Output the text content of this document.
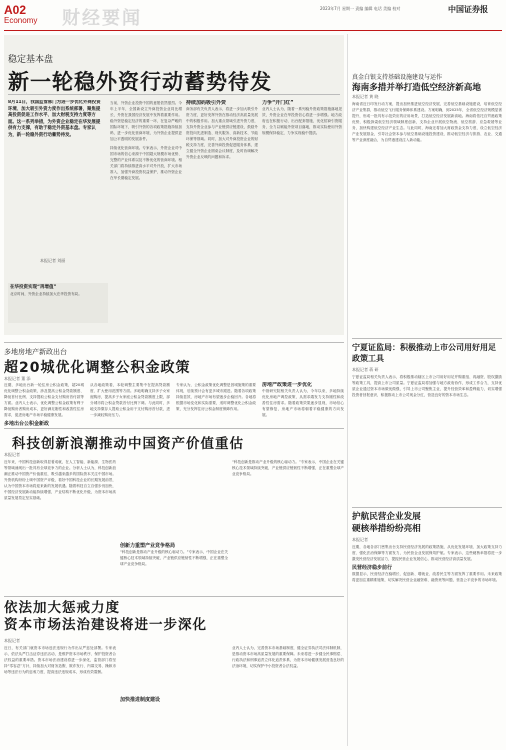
A02
Economy 财经要闻	2023年7月 星期一 责编 编辑 电话 美编 校对	中国证券报
稳定基本盘
新一轮稳外资行动蓄势待发
8月11日，我国监管部门为进一步优化外商投资环境、加大吸引外资力度作出系统部署，聚焦提高投资促进工作水平、加大财税支持力度等方面。这一系列举措，为外资企业稳定在华发展提供有力支撑，有助于稳定外资基本盘。专家认为，新一轮稳外资行动蓄势待发。
本报记者 刘丽
在华投资实现“再增值”
北京时间，外资企业持续加大在华投资布局。
当前，外资企业投资中国的意愿依然强烈。今年上半年，全国新设立外商投资企业同比增长，外资在我国经济发展中发挥着重要作用。稳外资是稳定经济的重要一环，在复杂严峻的国际环境下，吸引外资的各项政策措施持续加码，进一步优化营商环境，为外资企业提供更加公平透明的发展条件。
持续优化营商环境。专家表示，外资企业对中国市场的信心来源于中国超大规模市场优势、完整的产业体系以及不断优化的营商环境。相关部门将持续推进高水平对外开放，扩大市场准入，加强外商投资权益保护，推动外资企业在华长期稳定发展。
持续加码吸引外资
商务部有关负责人表示，将进一步加大吸引外资力度，更好发挥外资在推动经济高质量发展中的积极作用。加大重点领域引进外资力度，支持外资企业参与产业链供应链建设，鼓励外资投向先进制造、现代服务、高新技术、节能环保等领域。同时，加大对外商投资企业的财税支持力度，完善外商投资促进服务体系，建立健全外资企业圆桌会议制度，及时协调解决外资企业反映的问题和诉求。
力争“开门红”
业内人士认为，随着一系列稳外资政策措施落地见效，外资企业在华投资信心将进一步增强。地方政府也在积极行动，出台配套措施，优化招商引资服务，全力以赋能外资项目落地，推动实际使用外资规模保持稳定，力争实现稳中提质。
真金白银支持基础设施建设与运作
海南多措并举打造低空经济新高地
本报记者 黄 晓
海南省近日印发行动方案，提出加快推进低空经济发展，完善低空基础设施建设，培育低空经济产业集群，推动低空飞行服务保障体系建设。方案明确，到2025年，全省低空经济规模显著提升，形成一批具有示范效应的应用场景，打造低空经济发展新高地。海南将依托自贸港政策优势，积极探索低空经济领域制度创新，支持企业开展低空物流、低空旅游、应急救援等业务，加快构建低空经济产业生态。与此同时，海南还将加大财政资金支持力度，设立低空经济产业发展基金，引导社会资本参与低空基础设施投资建设，推动低空经济与旅游、农业、交通等产业深度融合，为自贸港建设注入新动能。
宁夏证监局：积极推动上市公司用好用足政策工具
本报记者 蒋 研
宁夏证监局相关负责人表示，将积极推动辖区上市公司用好用足并购重组、再融资、股权激励等政策工具，提高上市公司质量。宁夏证监局将加强与地方政府协作，形成工作合力，支持优质企业通过资本市场做优做强，引导上市公司聚焦主业，提升经营效率和盈利能力，切实增强投资者回报意识，积极推动上市公司现金分红，营造良好的资本市场生态。
护航民营企业发展
硬核举措纷纷亮相
本报记者
近期，各地各部门密集出台支持民营经济发展的政策措施，从优化发展环境、加大政策支持力度、强化法治保障等方面发力，为民营企业发展保驾护航。专家表示，这些硬核举措将进一步激发民营经济发展活力，提振民营企业发展信心，推动民营经济高质量发展。
民营经济稳步前行
数据显示，民营经济在稳增长、促创新、增就业、改善民生等方面发挥了重要作用。未来政策将更加注重精准施策，切实解决民营企业融资难、融资贵等问题，营造公平竞争的市场环境。
多地房地产新政出台
超20城优化调整公积金政策
本报记者 董 添
近期，多地出台新一轮住房公积金政策，超20城优化调整公积金政策，涉及提高公积金贷款额度、降低首付比例、支持提取公积金支付购房首付款等方面。业内人士表示，优化调整公积金政策有利于降低购房者购房成本，更好满足刚性和改善性住房需求，促进房地产市场平稳健康发展。
多地出台公积金新政
从各地政策看，本轮调整主要集中在提高贷款额度、扩大使用范围等方面。多地明确支持多子女家庭购房，提高多子女家庭公积金贷款额度上限，部分城市将公积金贷款首付比例下调。与此同时，多地支持缴存人提取公积金用于支付购房首付款，进一步减轻购房压力。
专家认为，公积金政策优化调整是因城施策的重要体现，后续预计会有更多城市跟进。随着各项政策持续显效，房地产市场有望逐步企稳回升。各地将根据市场变化和实际需要，适时调整优化公积金政策，充分发挥住房公积金制度保障作用。
房地产政策进一步优化
中指研究院相关负责人认为，今年以来，多地持续优化房地产调控政策，从需求端发力支持刚性和改善性住房需求。随着政策效果逐步显现，市场信心有望修复，房地产市场将朝着平稳健康的方向发展。
科技创新浪潮推动中国资产价值重估
本报记者
近年来，中国科技创新取得显著成就，在人工智能、新能源、生物医药等领域涌现出一批具有全球竞争力的企业。分析人士认为，科技创新浪潮正推动中国资产价值重估，吸引越来越多的国际资本关注中国市场。外资机构纷纷上调中国资产评级，看好中国科技企业的长期发展前景，认为中国资本市场将迎来新的发展机遇。随着科技自立自强步伐加快，中国经济发展新动能持续增强，产业结构不断优化升级，为资本市场高质量发展奠定坚实基础。
创新力重塑产业竞争格局
“科技创新是推动产业升级的核心驱动力。”专家表示，中国企业在关键核心技术领域持续突破，产业链供应链韧性不断增强，正在重塑全球产业竞争格局。
“科技创新是推动产业升级的核心驱动力。”专家表示，中国企业在关键核心技术领域持续突破，产业链供应链韧性不断增强，正在重塑全球产业竞争格局。
依法加大惩戒力度
资本市场法治建设将进一步深化
本报记者
近日，有关部门就资本市场违法违规行为作出从严惩处部署。专家表示，依法从严打击证券违法活动，是维护资本市场秩序、保护投资者合法权益的重要举措。资本市场法治建设将进一步深化，监管部门将坚持“零容忍”方针，持续加大对财务造假、欺诈发行、内幕交易、操纵市场等违法行为的惩戒力度，提高违法违规成本，形成有效震慑。
加快推进制度建设
业内人士认为，完善资本市场基础制度，健全证券执法司法体制机制，是推动资本市场高质量发展的重要保障。未来将进一步健全民事赔偿、行政执法和刑事追责立体化追责体系，为资本市场健康发展营造良好的法治环境，切实保护中小投资者合法权益。
